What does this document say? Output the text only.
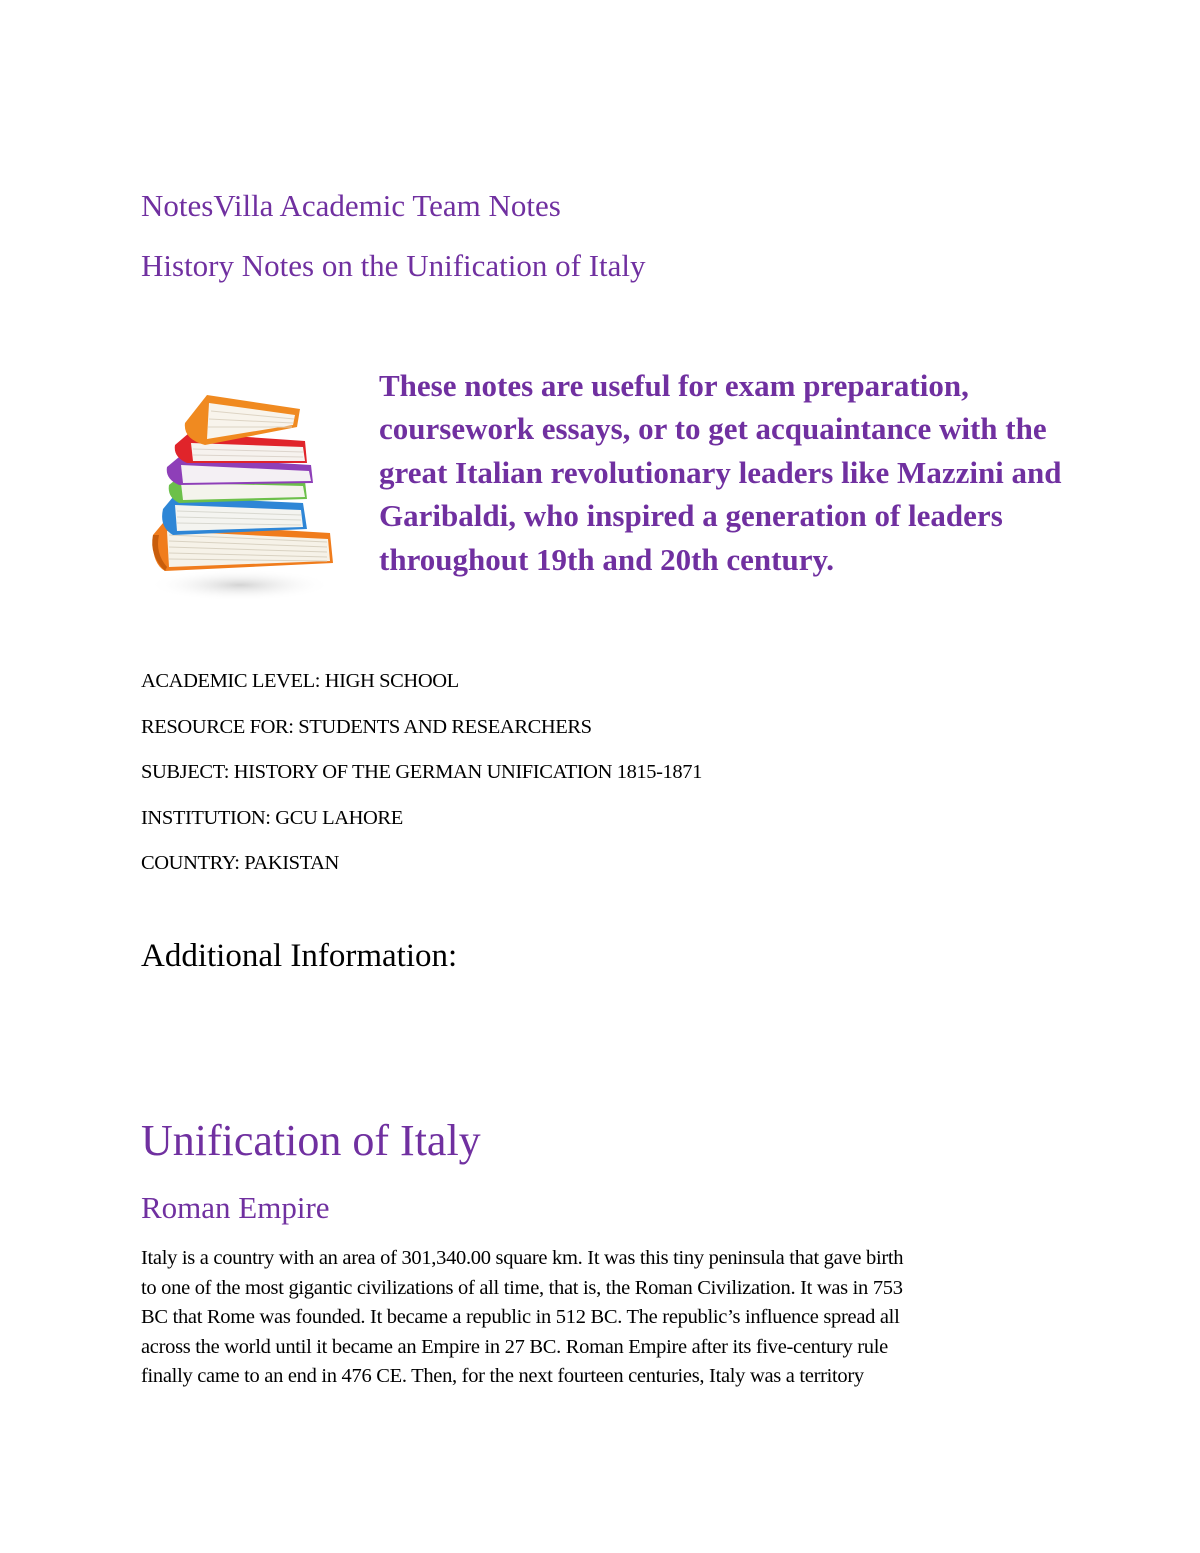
NotesVilla Academic Team Notes
History Notes on the Unification of Italy

These notes are useful for exam preparation, coursework essays, or to get acquaintance with the great Italian revolutionary leaders like Mazzini and Garibaldi, who inspired a generation of leaders throughout 19th and 20th century.

ACADEMIC LEVEL: HIGH SCHOOL
RESOURCE FOR: STUDENTS AND RESEARCHERS
SUBJECT: HISTORY OF THE GERMAN UNIFICATION 1815-1871
INSTITUTION: GCU LAHORE
COUNTRY: PAKISTAN
Additional Information:
Unification of Italy
Roman Empire

Italy is a country with an area of 301,340.00 square km. It was this tiny peninsula that gave birth
to one of the most gigantic civilizations of all time, that is, the Roman Civilization. It was in 753
BC that Rome was founded. It became a republic in 512 BC. The republic’s influence spread all
across the world until it became an Empire in 27 BC. Roman Empire after its five-century rule
finally came to an end in 476 CE. Then, for the next fourteen centuries, Italy was a territory
